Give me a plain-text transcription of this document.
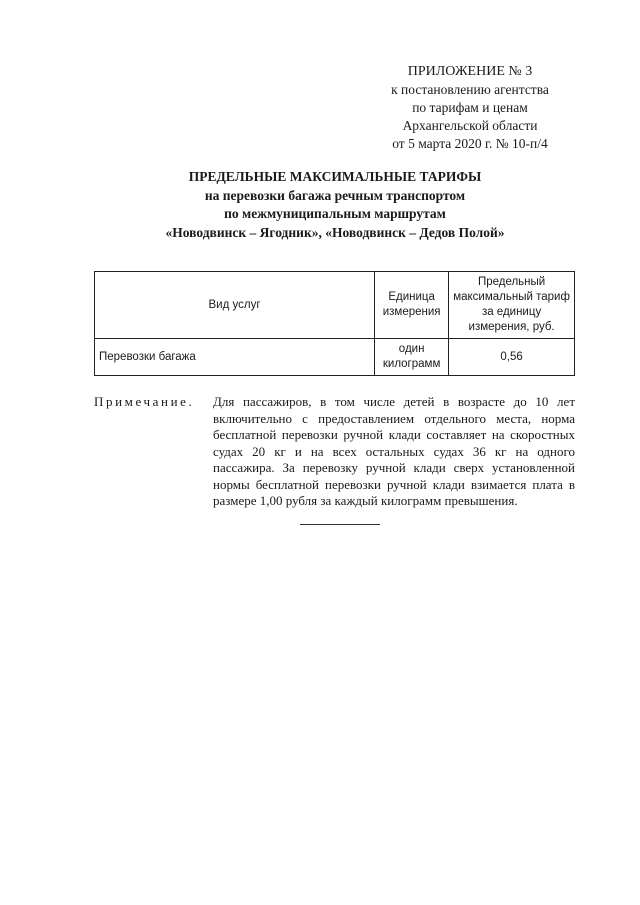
ПРИЛОЖЕНИЕ № 3
к постановлению агентства
по тарифам и ценам
Архангельской области
от 5 марта 2020 г. № 10-п/4
ПРЕДЕЛЬНЫЕ МАКСИМАЛЬНЫЕ ТАРИФЫ
на перевозки багажа речным транспортом
по межмуниципальным маршрутам
«Новодвинск – Ягодник», «Новодвинск – Дедов Полой»
Вид услуг	Единица измерения	Предельный максимальный тариф за единицу измерения, руб.
Перевозки багажа	один килограмм	0,56
Примечание. Для пассажиров, в том числе детей в возрасте до 10 лет включительно с предоставлением отдельного места, норма бесплатной перевозки ручной клади составляет на скоростных судах 20 кг и на всех остальных судах 36 кг на одного пассажира. За перевозку ручной клади сверх установленной нормы бесплатной перевозки ручной клади взимается плата в размере 1,00 рубля за каждый килограмм превышения.
